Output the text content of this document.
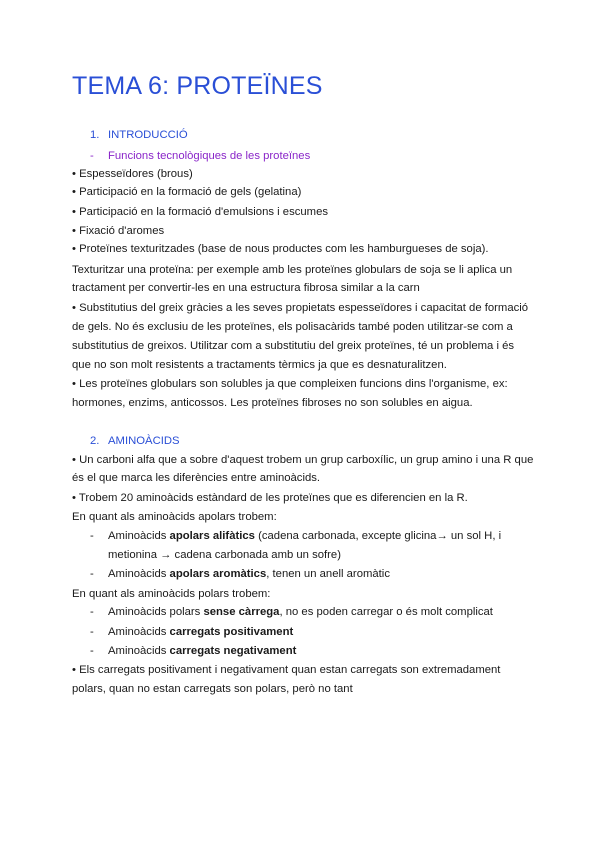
TEMA 6: PROTEÏNES
1. INTRODUCCIÓ
- Funcions tecnològiques de les proteïnes
• Espesseïdores (brous)
• Participació en la formació de gels (gelatina)
• Participació en la formació d'emulsions i escumes
• Fixació d'aromes
• Proteïnes texturitzades (base de nous productes com les hamburgueses de soja).
Texturitzar una proteïna: per exemple amb les proteïnes globulars de soja se li aplica un
tractament per convertir-les en una estructura fibrosa similar a la carn
• Substitutius del greix gràcies a les seves propietats espesseïdores i capacitat de formació
de gels. No és exclusiu de les proteïnes, els polisacàrids també poden utilitzar-se com a
substitutius de greixos. Utilitzar com a substitutiu del greix proteïnes, té un problema i és
que no son molt resistents a tractaments tèrmics ja que es desnaturalitzen.
• Les proteïnes globulars son solubles ja que compleixen funcions dins l'organisme, ex:
hormones, enzims, anticossos. Les proteïnes fibroses no son solubles en aigua.
2. AMINOÀCIDS
• Un carboni alfa que a sobre d'aquest trobem un grup carboxílic, un grup amino i una R que
és el que marca les diferències entre aminoàcids.
• Trobem 20 aminoàcids estàndard de les proteïnes que es diferencien en la R.
En quant als aminoàcids apolars trobem:
- Aminoàcids apolars alifàtics (cadena carbonada, excepte glicina→ un sol H, i
metionina → cadena carbonada amb un sofre)
- Aminoàcids apolars aromàtics, tenen un anell aromàtic
En quant als aminoàcids polars trobem:
- Aminoàcids polars sense càrrega, no es poden carregar o és molt complicat
- Aminoàcids carregats positivament
- Aminoàcids carregats negativament
• Els carregats positivament i negativament quan estan carregats son extremadament
polars, quan no estan carregats son polars, però no tant
